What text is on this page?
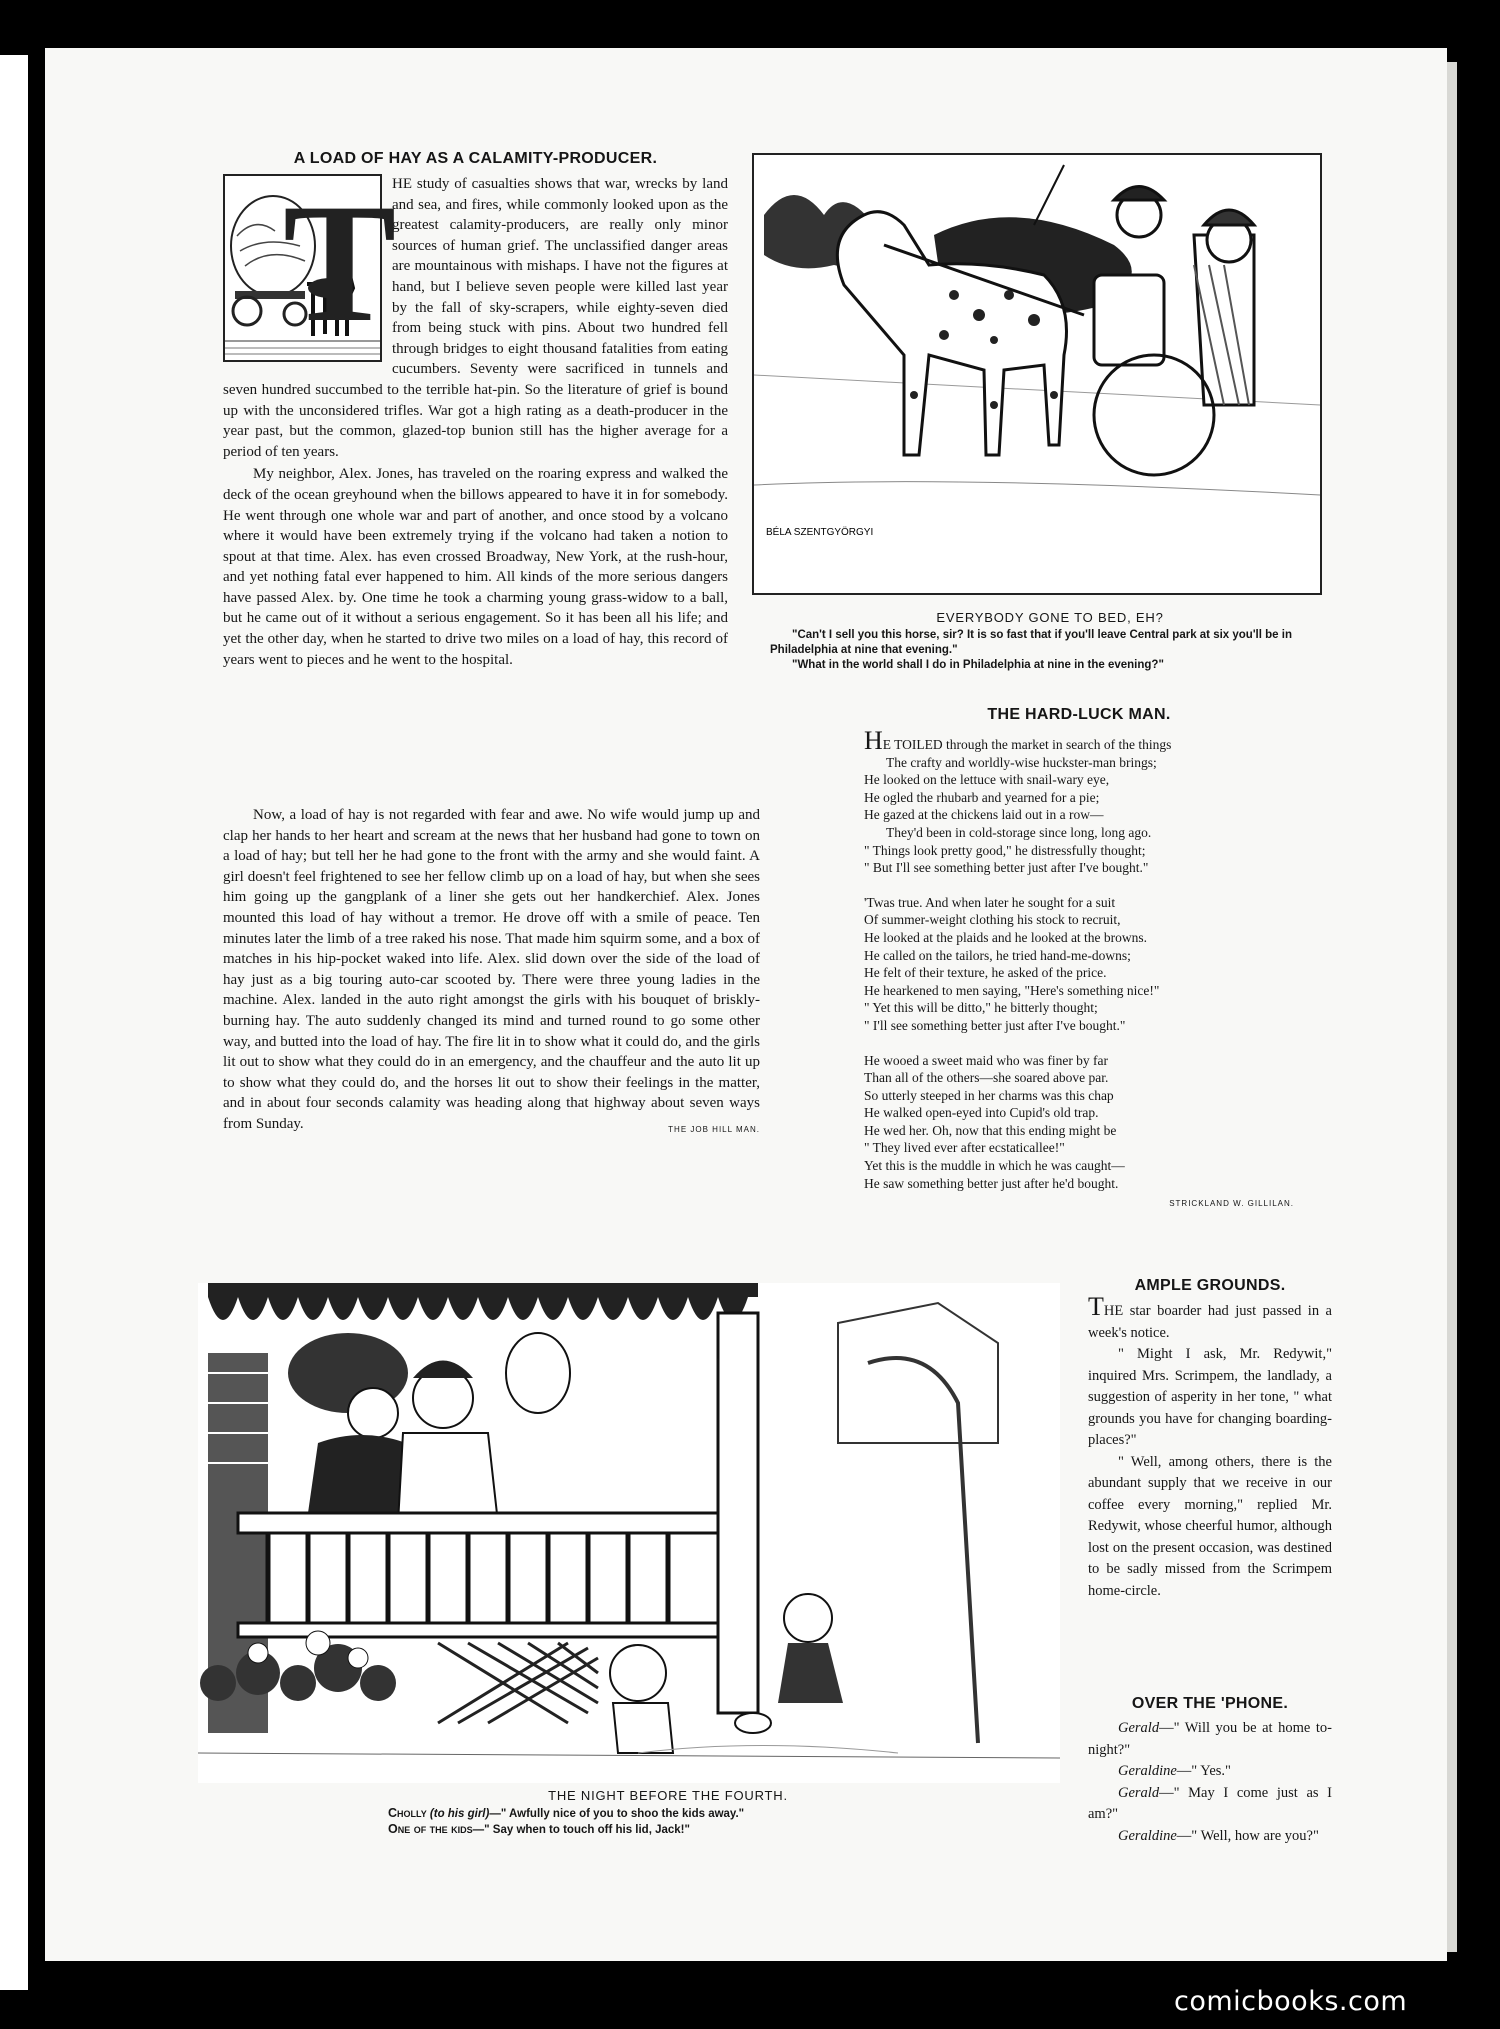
A LOAD OF HAY AS A CALAMITY-PRODUCER.
T

HE study of casualties shows that war, wrecks by land and sea, and fires, while commonly looked upon as the greatest calamity-producers, are really only minor sources of human grief. The unclassified danger areas are mountainous with mishaps. I have not the figures at hand, but I believe seven people were killed last year by the fall of sky-scrapers, while eighty-seven died from being stuck with pins. About two hundred fell through bridges to eight thousand fatalities from eating cucumbers. Seventy were sacrificed in tunnels and seven hundred succumbed to the terrible hat-pin. So the literature of grief is bound up with the unconsidered trifles. War got a high rating as a death-producer in the year past, but the common, glazed-top bunion still has the higher average for a period of ten years.

My neighbor, Alex. Jones, has traveled on the roaring express and walked the deck of the ocean greyhound when the billows appeared to have it in for somebody. He went through one whole war and part of another, and once stood by a volcano where it would have been extremely trying if the volcano had taken a notion to spout at that time. Alex. has even crossed Broadway, New York, at the rush-hour, and yet nothing fatal ever happened to him. All kinds of the more serious dangers have passed Alex. by. One time he took a charming young grass-widow to a ball, but he came out of it without a serious engagement. So it has been all his life; and yet the other day, when he started to drive two miles on a load of hay, this record of years went to pieces and he went to the hospital.

Now, a load of hay is not regarded with fear and awe. No wife would jump up and clap her hands to her heart and scream at the news that her husband had gone to town on a load of hay; but tell her he had gone to the front with the army and she would faint. A girl doesn't feel frightened to see her fellow climb up on a load of hay, but when she sees him going up the gangplank of a liner she gets out her handkerchief. Alex. Jones mounted this load of hay without a tremor. He drove off with a smile of peace. Ten minutes later the limb of a tree raked his nose. That made him squirm some, and a box of matches in his hip-pocket waked into life. Alex. slid down over the side of the load of hay just as a big touring auto-car scooted by. There were three young ladies in the machine. Alex. landed in the auto right amongst the girls with his bouquet of briskly-burning hay. The auto suddenly changed its mind and turned round to go some other way, and butted into the load of hay. The fire lit in to show what it could do, and the girls lit out to show what they could do in an emergency, and the chauffeur and the auto lit up to show what they could do, and the horses lit out to show their feelings in the matter, and in about four seconds calamity was heading along that highway about seven ways from Sunday.	THE JOB HILL MAN.
BÉLA SZENTGYÖRGYI
EVERYBODY GONE TO BED, EH?
"Can't I sell you this horse, sir? It is so fast that if you'll leave Central park at six you'll be in Philadelphia at nine that evening."
"What in the world shall I do in Philadelphia at nine in the evening?"
THE HARD-LUCK MAN.
HE TOILED through the market in search of the things
The crafty and worldly-wise huckster-man brings;
He looked on the lettuce with snail-wary eye,
He ogled the rhubarb and yearned for a pie;
He gazed at the chickens laid out in a row—
They'd been in cold-storage since long, long ago.
" Things look pretty good," he distressfully thought;
" But I'll see something better just after I've bought."
'Twas true. And when later he sought for a suit
Of summer-weight clothing his stock to recruit,
He looked at the plaids and he looked at the browns.
He called on the tailors, he tried hand-me-downs;
He felt of their texture, he asked of the price.
He hearkened to men saying, "Here's something nice!"
" Yet this will be ditto," he bitterly thought;
" I'll see something better just after I've bought."
He wooed a sweet maid who was finer by far
Than all of the others—she soared above par.
So utterly steeped in her charms was this chap
He walked open-eyed into Cupid's old trap.
He wed her. Oh, now that this ending might be
" They lived ever after ecstaticallee!"
Yet this is the muddle in which he was caught—
He saw something better just after he'd bought.
STRICKLAND W. GILLILAN.
THE NIGHT BEFORE THE FOURTH.
Cholly (to his girl)—" Awfully nice of you to shoo the kids away."
One of the kids—" Say when to touch off his lid, Jack!"
AMPLE GROUNDS.

THE star boarder had just passed in a week's notice.

" Might I ask, Mr. Redywit," inquired Mrs. Scrimpem, the landlady, a suggestion of asperity in her tone, " what grounds you have for changing boarding-places?"

" Well, among others, there is the abundant supply that we receive in our coffee every morning," replied Mr. Redywit, whose cheerful humor, although lost on the present occasion, was destined to be sadly missed from the Scrimpem home-circle.

OVER THE 'PHONE.

Gerald—" Will you be at home to-night?"

Geraldine—" Yes."

Gerald—" May I come just as I am?"

Geraldine—" Well, how are you?"

comicbooks.com
